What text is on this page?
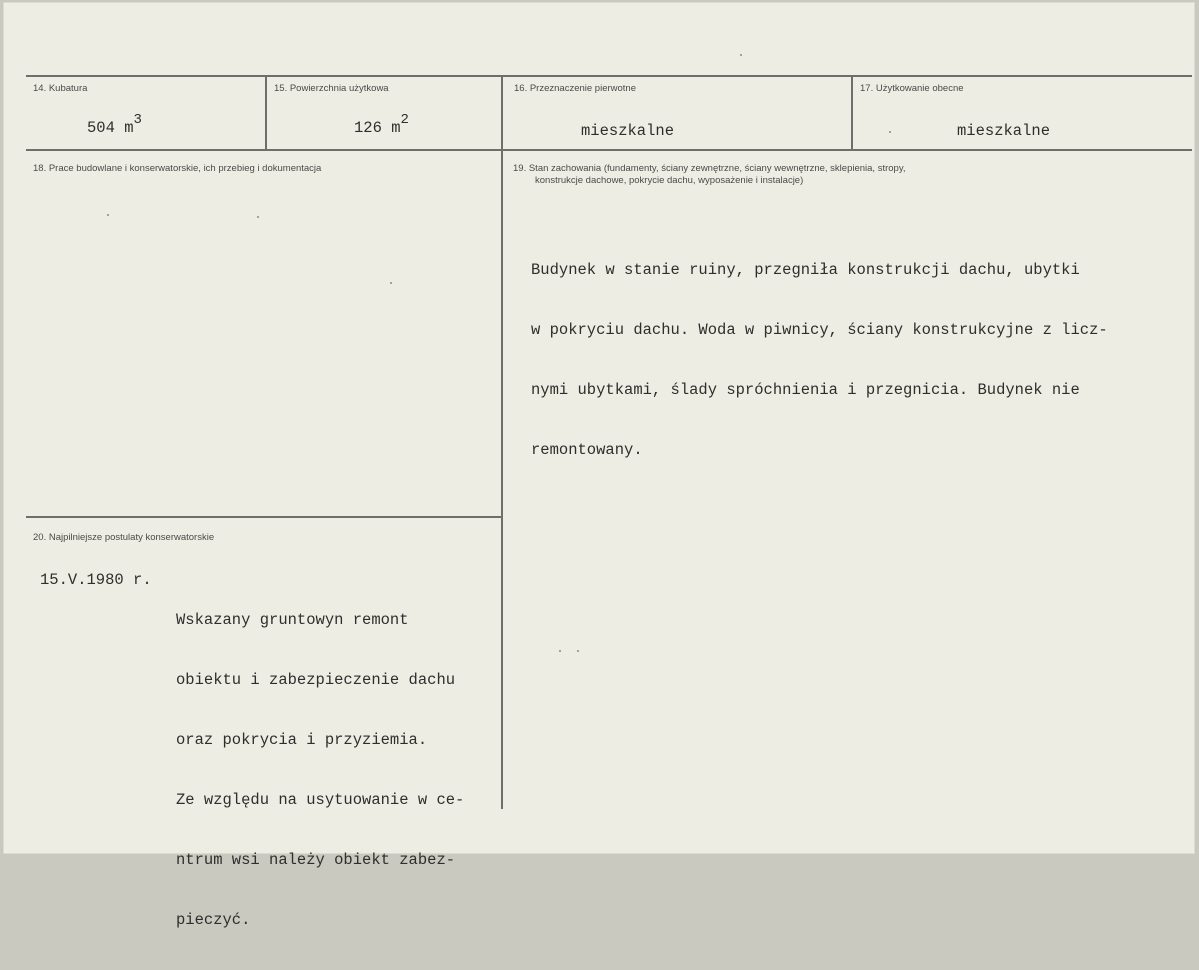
14. Kubatura
504 m3
15. Powierzchnia użytkowa
126 m2
16. Przeznaczenie pierwotne
mieszkalne
17. Użytkowanie obecne
mieszkalne
18. Prace budowlane i konserwatorskie, ich przebieg i dokumentacja	19. Stan zachowania (fundamenty, ściany zewnętrzne, ściany wewnętrzne, sklepienia, stropy,
konstrukcje dachowe, pokrycie dachu, wyposażenie i instalacje)

Budynek w stanie ruiny, przegniła konstrukcji dachu, ubytki

w pokryciu dachu. Woda w piwnicy, ściany konstrukcyjne z licz-

nymi ubytkami, ślady spróchnienia i przegnicia. Budynek nie

remontowany.

20. Najpilniejsze postulaty konserwatorskie
15.V.1980 r.

Wskazany gruntowyn remont

obiektu i zabezpieczenie dachu

oraz pokrycia i przyziemia.

Ze względu na usytuowanie w ce-

ntrum wsi należy obiekt zabez-

pieczyć.
